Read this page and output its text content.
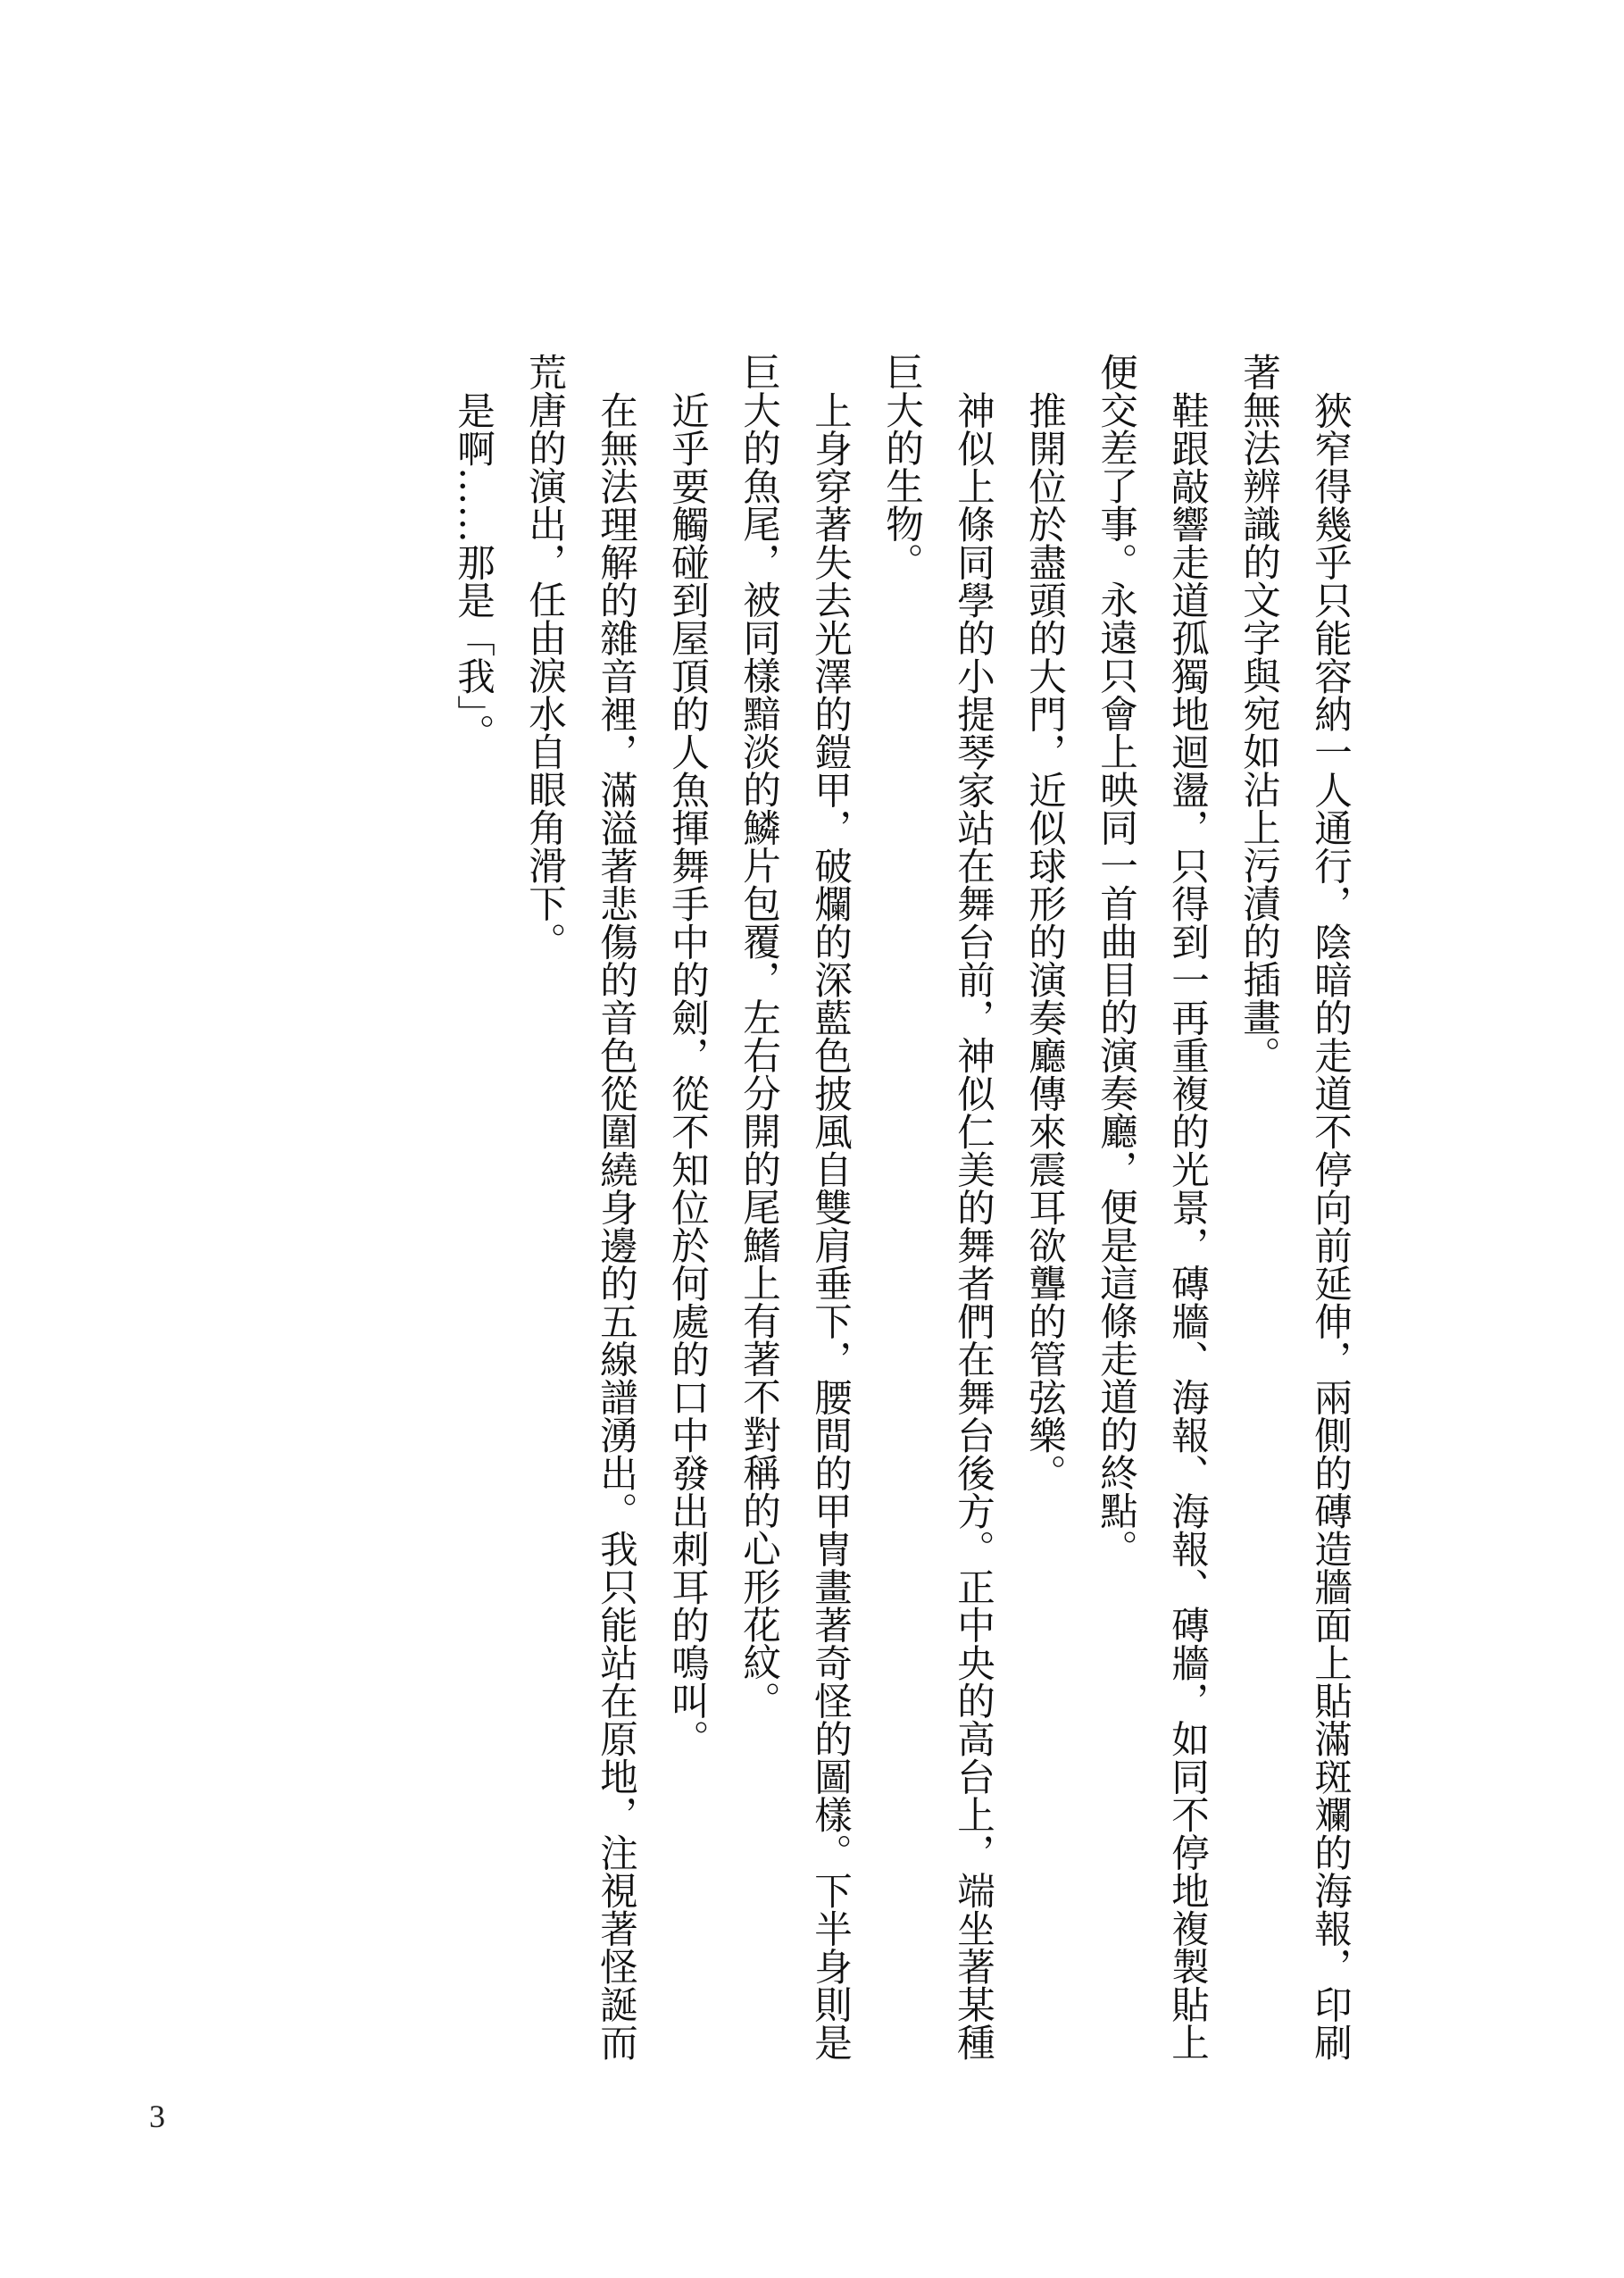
狹窄得幾乎只能容納一人通行，陰暗的走道不停向前延伸，兩側的磚造牆面上貼滿斑斕的海報，印刷著無法辨識的文字與宛如沾上污漬的插畫。

鞋跟敲響走道孤獨地迴盪，只得到一再重複的光景，磚牆、海報、海報、磚牆，如同不停地複製貼上便交差了事。永遠只會上映同一首曲目的演奏廳，便是這條走道的終點。

推開位於盡頭的大門，近似球形的演奏廳傳來震耳欲聾的管弦樂。

神似上條同學的小提琴家站在舞台前，神似仁美的舞者們在舞台後方。正中央的高台上，端坐著某種巨大的生物。

上身穿著失去光澤的鎧甲，破爛的深藍色披風自雙肩垂下，腰間的甲冑畫著奇怪的圖樣。下半身則是巨大的魚尾，被同樣黯淡的鱗片包覆，左右分開的尾鰭上有著不對稱的心形花紋。

近乎要觸碰到屋頂的人魚揮舞手中的劍，從不知位於何處的口中發出刺耳的鳴叫。

在無法理解的雜音裡，滿溢著悲傷的音色從圍繞身邊的五線譜湧出。我只能站在原地，注視著怪誕而荒唐的演出，任由淚水自眼角滑下。

是啊……那是「我」。

3
